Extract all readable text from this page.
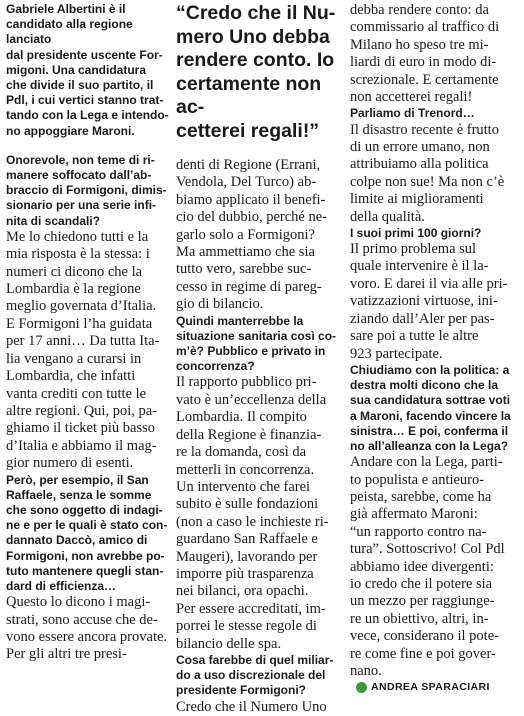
Gabriele Albertini è il
candidato alla regione lanciato
dal presidente uscente For-
migoni. Una candidatura
che divide il suo partito, il
Pdl, i cui vertici stanno trat-
tando con la Lega e intendo-
no appoggiare Maroni.

Onorevole, non teme di ri-
manere soffocato dall’ab-
braccio di Formigoni, dimis-
sionario per una serie infi-
nita di scandali?

Me lo chiedono tutti e la
mia risposta è la stessa: i
numeri ci dicono che la
Lombardia è la regione
meglio governata d’Italia.
E Formigoni l’ha guidata
per 17 anni… Da tutta Ita-
lia vengano a curarsi in
Lombardia, che infatti
vanta crediti con tutte le
altre regioni. Qui, poi, pa-
ghiamo il ticket più basso
d’Italia e abbiamo il mag-
gior numero di esenti.

Però, per esempio, il San
Raffaele, senza le somme
che sono oggetto di indagi-
ne e per le quali è stato con-
dannato Daccò, amico di
Formigoni, non avrebbe po-
tuto mantenere quegli stan-
dard di efficienza…

Questo lo dicono i magi-
strati, sono accuse che de-
vono essere ancora provate.
Per gli altri tre presi-

“Credo che il Nu-
mero Uno debba
rendere conto. Io
certamente non ac-
cetterei regali!”

denti di Regione (Errani,
Vendola, Del Turco) ab-
biamo applicato il benefi-
cio del dubbio, perché ne-
garlo solo a Formigoni?
Ma ammettiamo che sia
tutto vero, sarebbe suc-
cesso in regime di pareg-
gio di bilancio.

Quindi manterrebbe la
situazione sanitaria così co-
m’è? Pubblico e privato in
concorrenza?

Il rapporto pubblico pri-
vato è un’eccellenza della
Lombardia. Il compito
della Regione è finanzia-
re la domanda, così da
metterli in concorrenza.
Un intervento che farei
subito è sulle fondazioni
(non a caso le inchieste ri-
guardano San Raffaele e
Maugeri), lavorando per
imporre più trasparenza
nei bilanci, ora opachi.
Per essere accreditati, im-
porrei le stesse regole di
bilancio delle spa.

Cosa farebbe di quel miliar-
do a uso discrezionale del
presidente Formigoni?

Credo che il Numero Uno

debba rendere conto: da
commissario al traffico di
Milano ho speso tre mi-
liardi di euro in modo di-
screzionale. E certamente
non accetterei regali!

Parliamo di Trenord…

Il disastro recente è frutto
di un errore umano, non
attribuiamo alla politica
colpe non sue! Ma non c’è
limite ai miglioramenti
della qualità.

I suoi primi 100 giorni?

Il primo problema sul
quale intervenire è il la-
voro. E darei il via alle pri-
vatizzazioni virtuose, ini-
ziando dall’Aler per pas-
sare poi a tutte le altre
923 partecipate.

Chiudiamo con la politica: a
destra molti dicono che la
sua candidatura sottrae voti
a Maroni, facendo vincere la
sinistra… E poi, conferma il
no all’alleanza con la Lega?

Andare con la Lega, parti-
to populista e antieuro-
peista, sarebbe, come ha
già affermato Maroni:
“un rapporto contro na-
tura”. Sottoscrivo! Col Pdl
abbiamo idee divergenti:
io credo che il potere sia
un mezzo per raggiunge-
re un obiettivo, altri, in-
vece, considerano il pote-
re come fine e poi gover-
nano.

ANDREA SPARACIARI
